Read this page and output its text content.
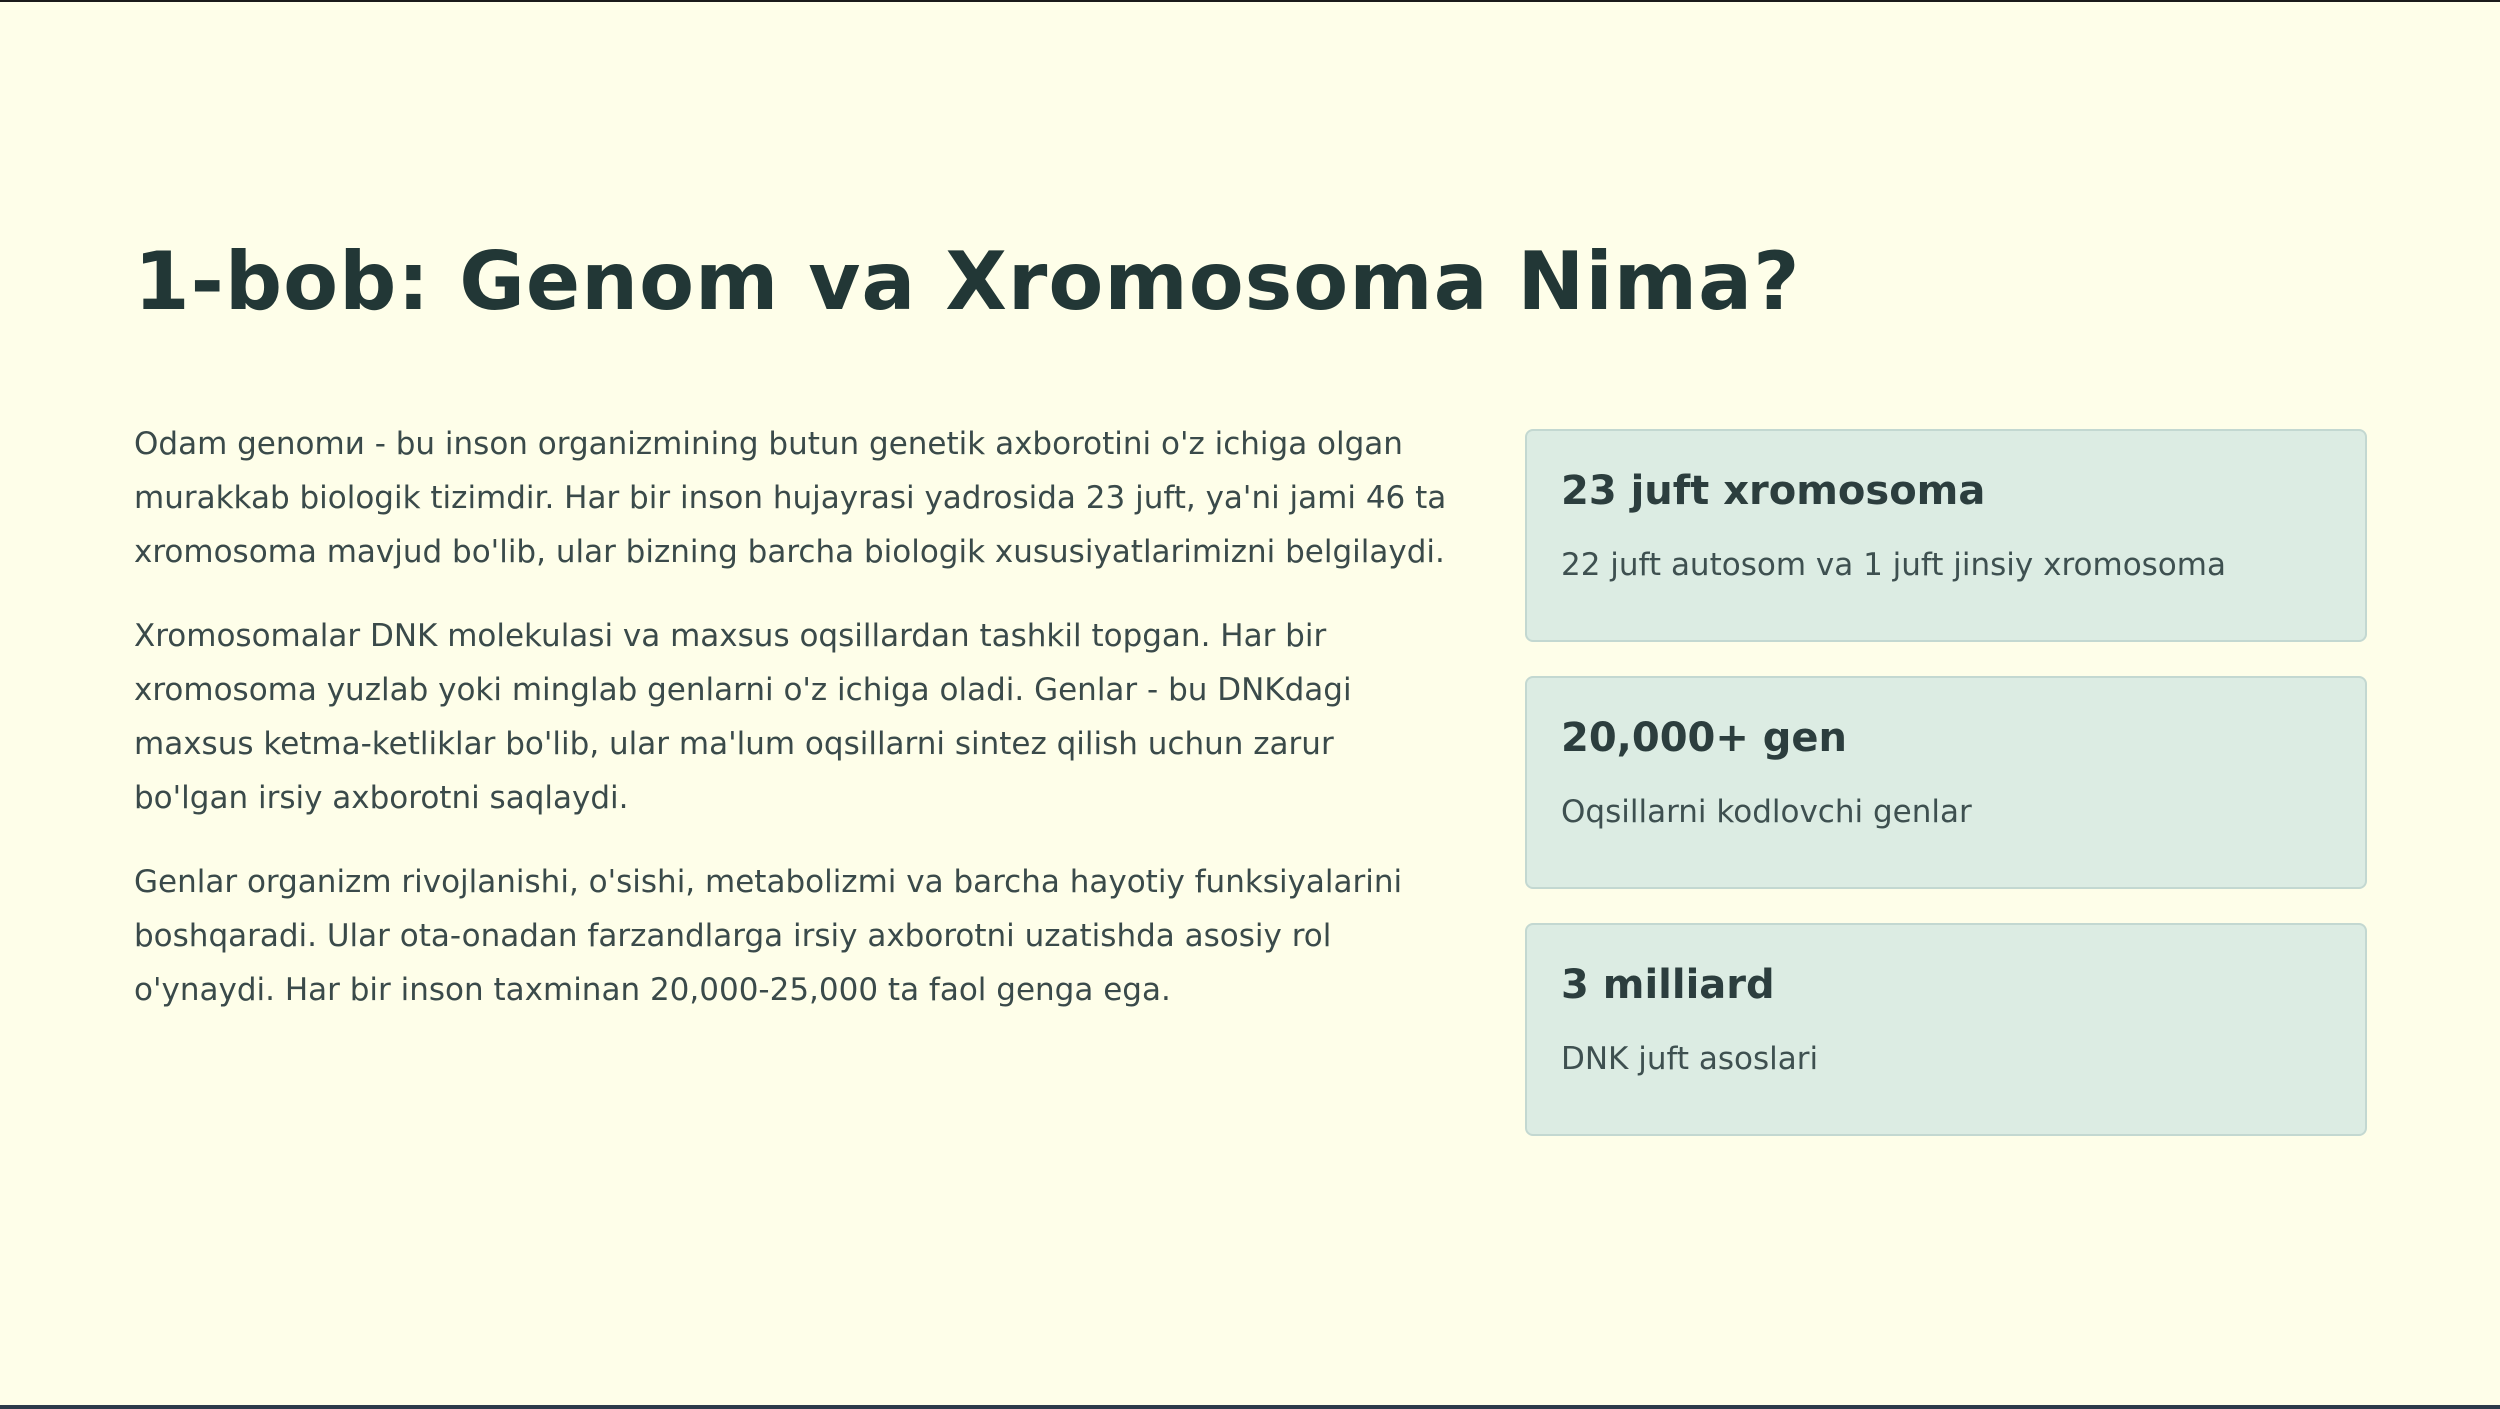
1-bob: Genom va Xromosoma Nima?

Odam genomи - bu inson organizmining butun genetik axborotini o'z ichiga olgan murakkab biologik tizimdir. Har bir inson hujayrasi yadrosida 23 juft, ya'ni jami 46 ta xromosoma mavjud bo'lib, ular bizning barcha biologik xususiyatlarimizni belgilaydi.

Xromosomalar DNK molekulasi va maxsus oqsillardan tashkil topgan. Har bir xromosoma yuzlab yoki minglab genlarni o'z ichiga oladi. Genlar - bu DNKdagi maxsus ketma-ketliklar bo'lib, ular ma'lum oqsillarni sintez qilish uchun zarur bo'lgan irsiy axborotni saqlaydi.

Genlar organizm rivojlanishi, o'sishi, metabolizmi va barcha hayotiy funksiyalarini boshqaradi. Ular ota-onadan farzandlarga irsiy axborotni uzatishda asosiy rol o'ynaydi. Har bir inson taxminan 20,000-25,000 ta faol genga ega.

23 juft xromosoma
22 juft autosom va 1 juft jinsiy xromosoma
20,000+ gen
Oqsillarni kodlovchi genlar
3 milliard
DNK juft asoslari
